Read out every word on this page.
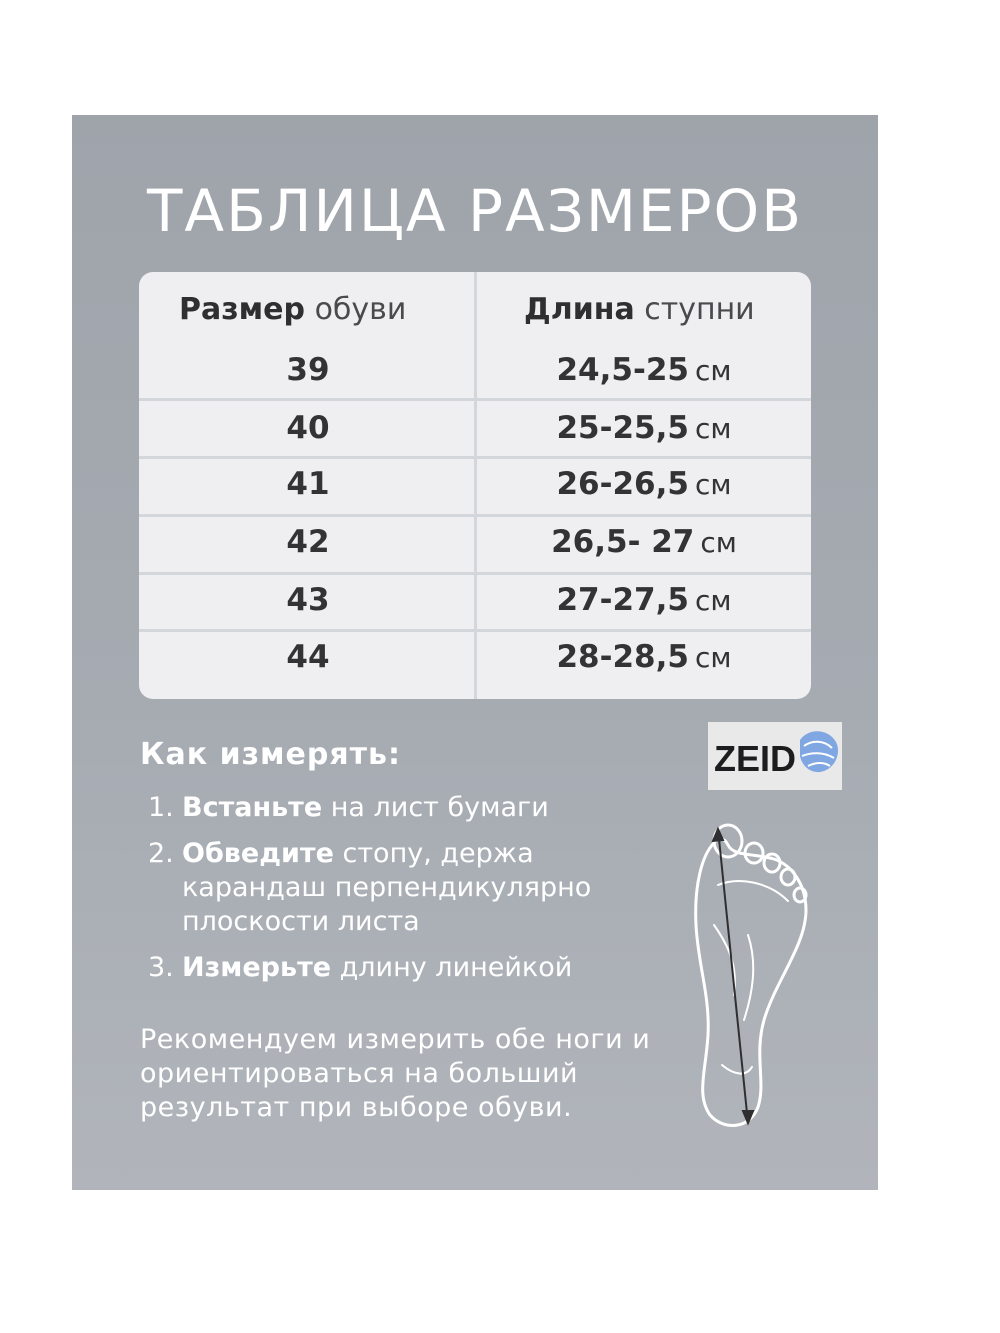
ТАБЛИЦА РАЗМЕРОВ
Размер обуви	Длина ступни
39	24,5-25 см
40	25-25,5 см
41	26-26,5 см
42	26,5- 27 см
43	27-27,5 см
44	28-28,5 см
Как измерять:
1. Встаньте на лист бумаги
2. Обведите стопу, держа карандаш перпендикулярно плоскости листа
3. Измерьте длину линейкой
Рекомендуем измерить обе ноги и ориентироваться на больший результат при выборе обуви.
ZEID
